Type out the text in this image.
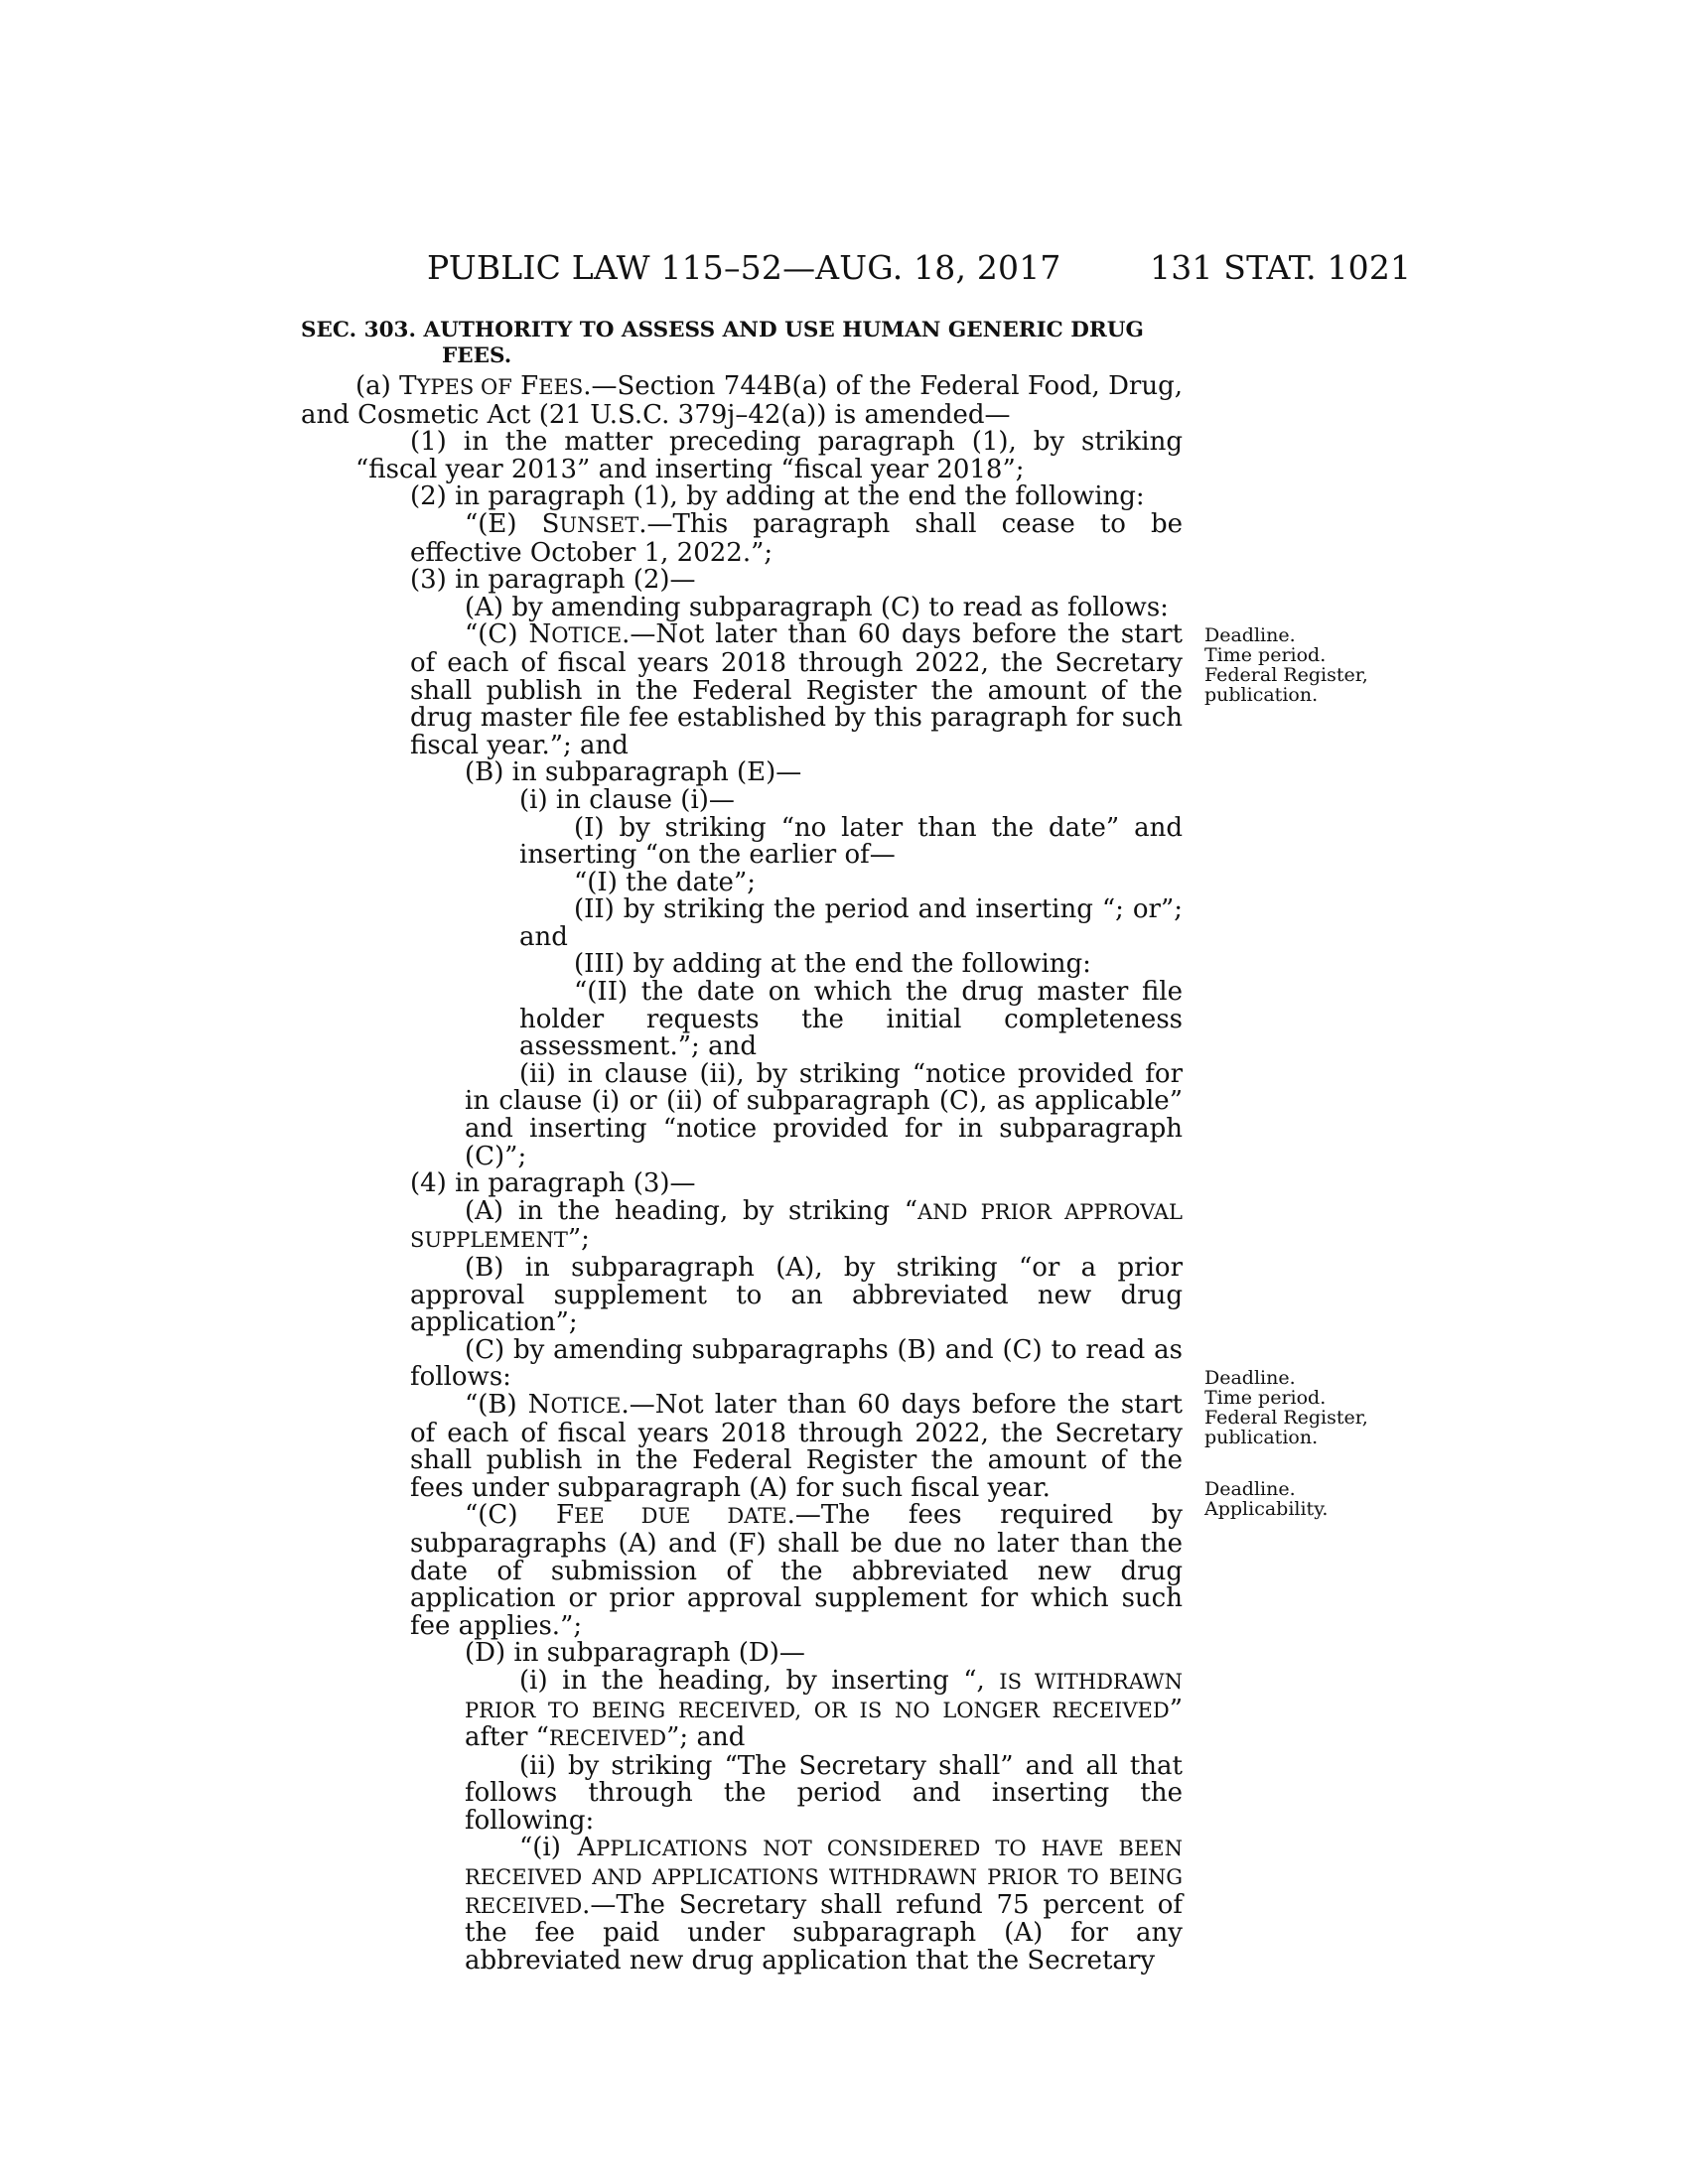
PUBLIC LAW 115–52—AUG. 18, 2017	131 STAT. 1021
SEC. 303. AUTHORITY TO ASSESS AND USE HUMAN GENERIC DRUG
FEES.

(a) TYPES OF FEES.—Section 744B(a) of the Federal Food, Drug, and Cosmetic Act (21 U.S.C. 379j–42(a)) is amended—

(1) in the matter preceding paragraph (1), by striking “fiscal year 2013” and inserting “fiscal year 2018”;

(2) in paragraph (1), by adding at the end the following:

“(E) SUNSET.—This paragraph shall cease to be effective October 1, 2022.”;

(3) in paragraph (2)—

(A) by amending subparagraph (C) to read as follows:

“(C) NOTICE.—Not later than 60 days before the start of each of fiscal years 2018 through 2022, the Secretary shall publish in the Federal Register the amount of the drug master file fee established by this paragraph for such fiscal year.”; and

(B) in subparagraph (E)—

(i) in clause (i)—

(I) by striking “no later than the date” and inserting “on the earlier of—

“(I) the date”;

(II) by striking the period and inserting “; or”; and

(III) by adding at the end the following:

“(II) the date on which the drug master file holder requests the initial completeness assessment.”; and

(ii) in clause (ii), by striking “notice provided for in clause (i) or (ii) of subparagraph (C), as applicable” and inserting “notice provided for in subparagraph (C)”;

(4) in paragraph (3)—

(A) in the heading, by striking “AND PRIOR APPROVAL SUPPLEMENT”;

(B) in subparagraph (A), by striking “or a prior approval supplement to an abbreviated new drug application”;

(C) by amending subparagraphs (B) and (C) to read as follows:

“(B) NOTICE.—Not later than 60 days before the start of each of fiscal years 2018 through 2022, the Secretary shall publish in the Federal Register the amount of the fees under subparagraph (A) for such fiscal year.

“(C) FEE DUE DATE.—The fees required by subparagraphs (A) and (F) shall be due no later than the date of submission of the abbreviated new drug application or prior approval supplement for which such fee applies.”;

(D) in subparagraph (D)—

(i) in the heading, by inserting “, IS WITHDRAWN PRIOR TO BEING RECEIVED, OR IS NO LONGER RECEIVED” after “RECEIVED”; and

(ii) by striking “The Secretary shall” and all that follows through the period and inserting the following:

“(i) APPLICATIONS NOT CONSIDERED TO HAVE BEEN RECEIVED AND APPLICATIONS WITHDRAWN PRIOR TO BEING RECEIVED.—The Secretary shall refund 75 percent of the fee paid under subparagraph (A) for any abbreviated new drug application that the Secretary

Deadline.
Time period.
Federal Register,
publication.
Deadline.
Time period.
Federal Register,
publication.
Deadline.
Applicability.
